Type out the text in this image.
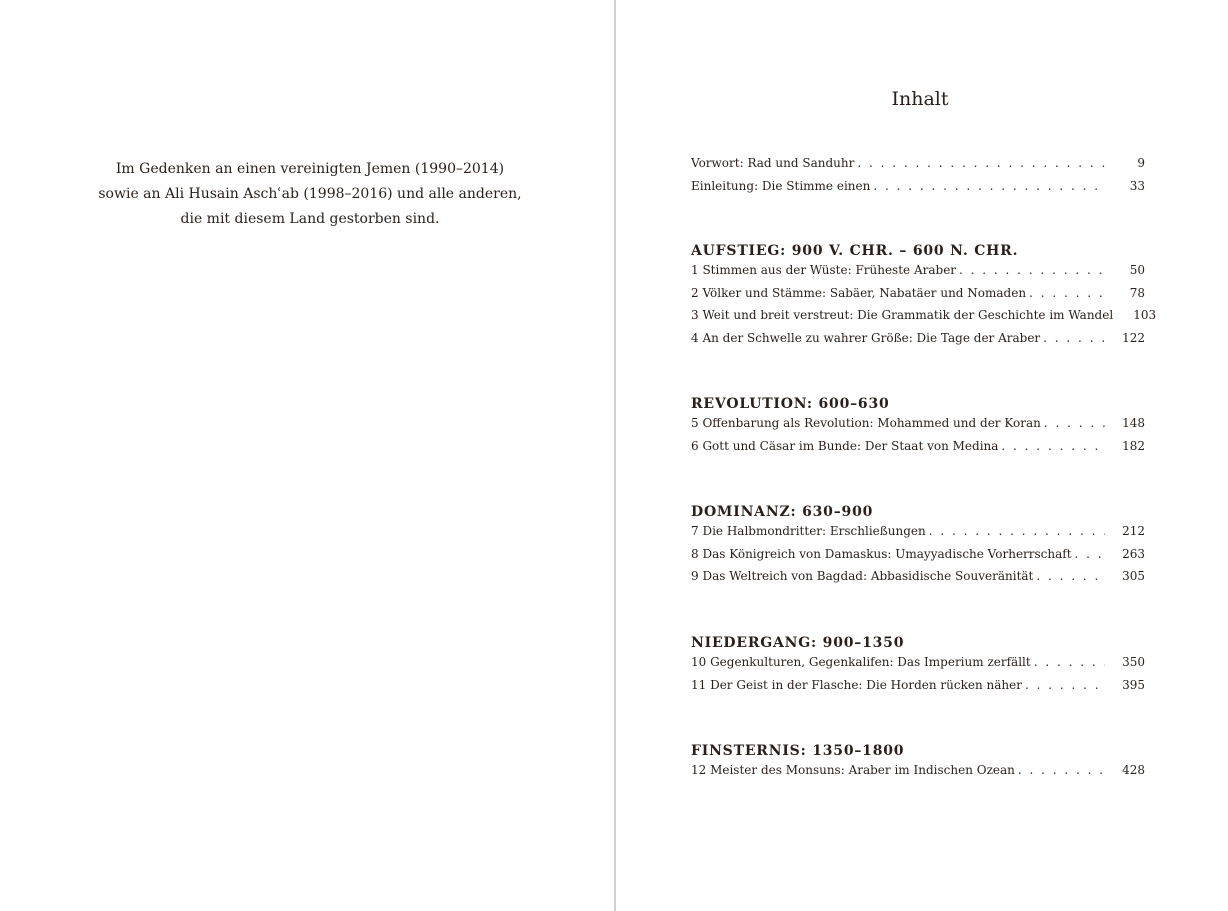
Im Gedenken an einen vereinigten Jemen (1990–2014)
sowie an Ali Husain Aschʿab (1998–2016) und alle anderen,
die mit diesem Land gestorben sind.
Inhalt
Vorwort: Rad und Sanduhr . . .	9
Einleitung: Die Stimme einen . . .	33
AUFSTIEG: 900 V. CHR. – 600 N. CHR.
1 Stimmen aus der Wüste: Früheste Araber . . .	50
2 Völker und Stämme: Sabäer, Nabatäer und Nomaden . . .	78
3 Weit und breit verstreut: Die Grammatik der Geschichte im Wandel	103
4 An der Schwelle zu wahrer Größe: Die Tage der Araber . . .	122
REVOLUTION: 600–630
5 Offenbarung als Revolution: Mohammed und der Koran . . .	148
6 Gott und Cäsar im Bunde: Der Staat von Medina . . .	182
DOMINANZ: 630–900
7 Die Halbmondritter: Erschließungen . . .	212
8 Das Königreich von Damaskus: Umayyadische Vorherrschaft . . .	263
9 Das Weltreich von Bagdad: Abbasidische Souveränität . . .	305
NIEDERGANG: 900–1350
10 Gegenkulturen, Gegenkalifen: Das Imperium zerfällt . . .	350
11 Der Geist in der Flasche: Die Horden rücken näher . . .	395
FINSTERNIS: 1350–1800
12 Meister des Monsuns: Araber im Indischen Ozean . . .	428
